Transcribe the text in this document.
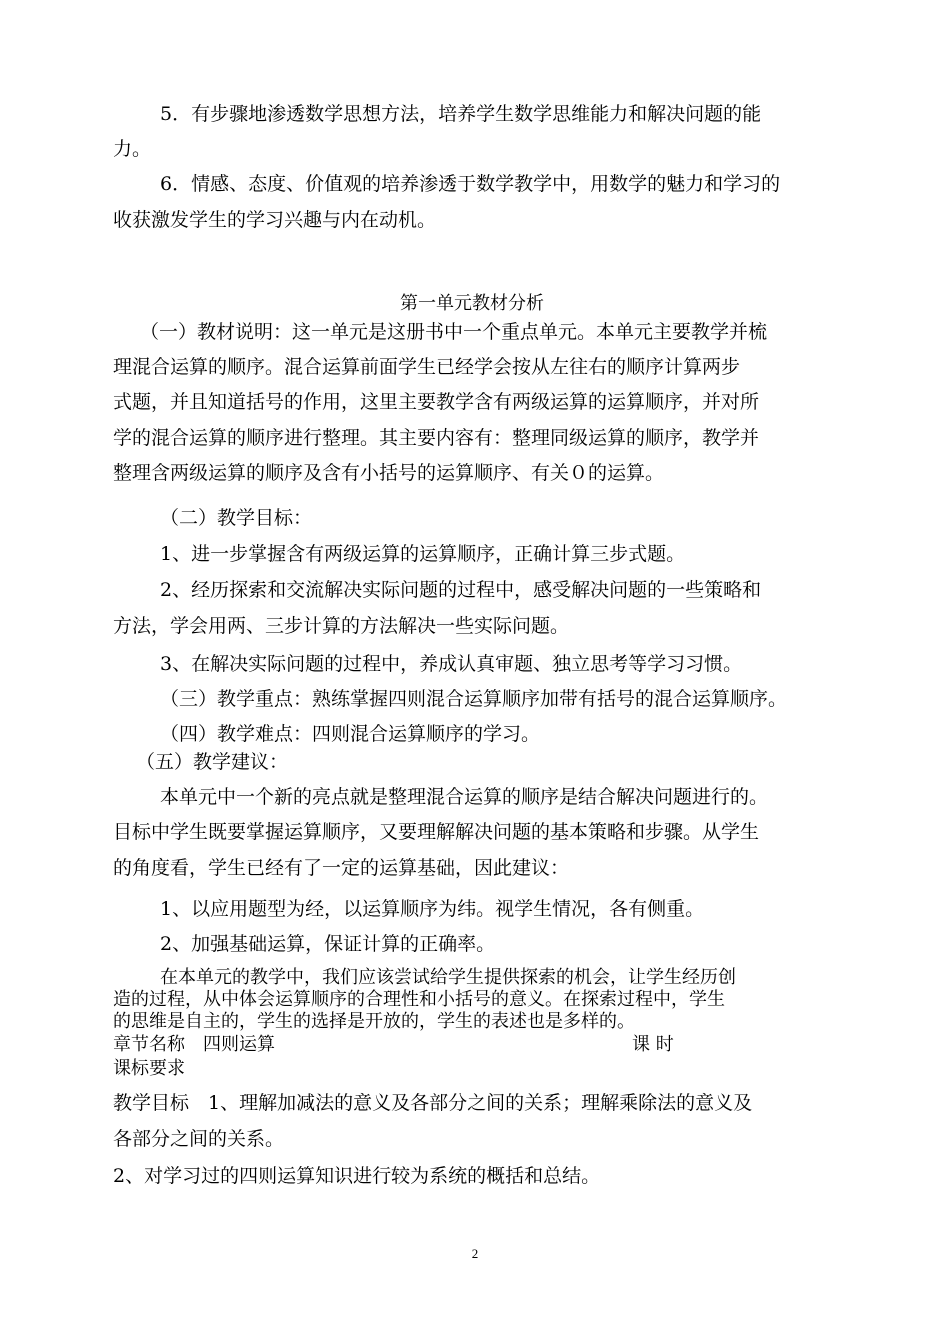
5．有步骤地渗透数学思想方法，培养学生数学思维能力和解决问题的能
力。
6．情感、态度、价值观的培养渗透于数学教学中，用数学的魅力和学习的
收获激发学生的学习兴趣与内在动机。
第一单元教材分析
（一）教材说明：这一单元是这册书中一个重点单元。本单元主要教学并梳
理混合运算的顺序。混合运算前面学生已经学会按从左往右的顺序计算两步
式题，并且知道括号的作用，这里主要教学含有两级运算的运算顺序，并对所
学的混合运算的顺序进行整理。其主要内容有：整理同级运算的顺序，教学并
整理含两级运算的顺序及含有小括号的运算顺序、有关０的运算。
（二）教学目标：
1、进一步掌握含有两级运算的运算顺序，正确计算三步式题。
2、经历探索和交流解决实际问题的过程中，感受解决问题的一些策略和
方法，学会用两、三步计算的方法解决一些实际问题。
3、在解决实际问题的过程中，养成认真审题、独立思考等学习习惯。
（三）教学重点：熟练掌握四则混合运算顺序加带有括号的混合运算顺序。
（四）教学难点：四则混合运算顺序的学习。
（五）教学建议：
本单元中一个新的亮点就是整理混合运算的顺序是结合解决问题进行的。
目标中学生既要掌握运算顺序，又要理解解决问题的基本策略和步骤。从学生
的角度看，学生已经有了一定的运算基础，因此建议：
1、以应用题型为经，以运算顺序为纬。视学生情况，各有侧重。
2、加强基础运算，保证计算的正确率。
在本单元的教学中，我们应该尝试给学生提供探索的机会，让学生经历创
造的过程，从中体会运算顺序的合理性和小括号的意义。在探索过程中，学生
的思维是自主的，学生的选择是开放的，学生的表述也是多样的。
章节名称　四则运算	课 时
课标要求
教学目标　1、理解加减法的意义及各部分之间的关系；理解乘除法的意义及
各部分之间的关系。
2、对学习过的四则运算知识进行较为系统的概括和总结。
2
